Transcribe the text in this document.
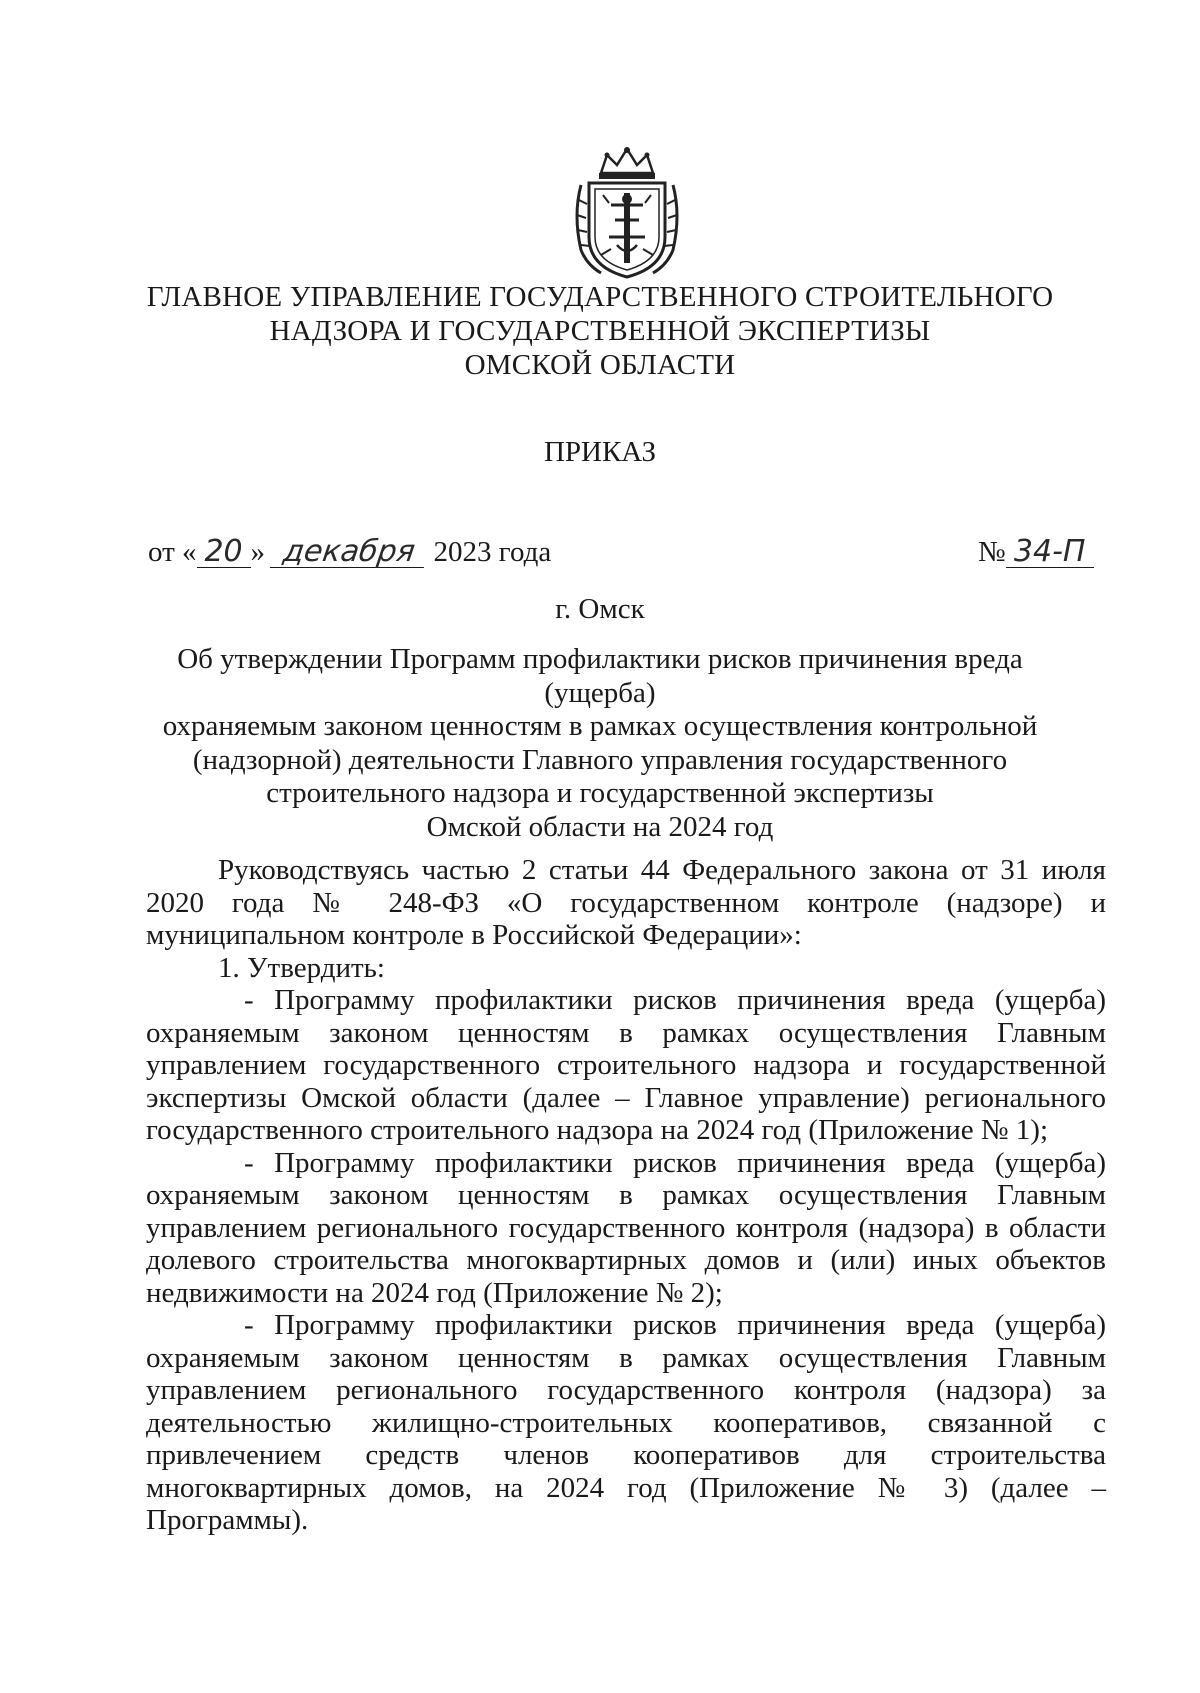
ГЛАВНОЕ УПРАВЛЕНИЕ ГОСУДАРСТВЕННОГО СТРОИТЕЛЬНОГО
НАДЗОРА И ГОСУДАРСТВЕННОЙ ЭКСПЕРТИЗЫ
ОМСКОЙ ОБЛАСТИ
ПРИКАЗ
от « 20 » декабря 2023 года	№ 34-П
г. Омск
Об утверждении Программ профилактики рисков причинения вреда (ущерба)
охраняемым законом ценностям в рамках осуществления контрольной
(надзорной) деятельности Главного управления государственного
строительного надзора и государственной экспертизы
Омской области на 2024 год

Руководствуясь частью 2 статьи 44 Федерального закона от 31 июля 2020 года № 248-ФЗ «О государственном контроле (надзоре) и муниципальном контроле в Российской Федерации»:

1. Утвердить:

- Программу профилактики рисков причинения вреда (ущерба) охраняемым законом ценностям в рамках осуществления Главным управлением государственного строительного надзора и государственной экспертизы Омской области (далее – Главное управление) регионального государственного строительного надзора на 2024 год (Приложение № 1);

- Программу профилактики рисков причинения вреда (ущерба) охраняемым законом ценностям в рамках осуществления Главным управлением регионального государственного контроля (надзора) в области долевого строительства многоквартирных домов и (или) иных объектов недвижимости на 2024 год (Приложение № 2);

- Программу профилактики рисков причинения вреда (ущерба) охраняемым законом ценностям в рамках осуществления Главным управлением регионального государственного контроля (надзора) за деятельностью жилищно-строительных кооперативов, связанной с привлечением средств членов кооперативов для строительства многоквартирных домов, на 2024 год (Приложение № 3) (далее – Программы).
